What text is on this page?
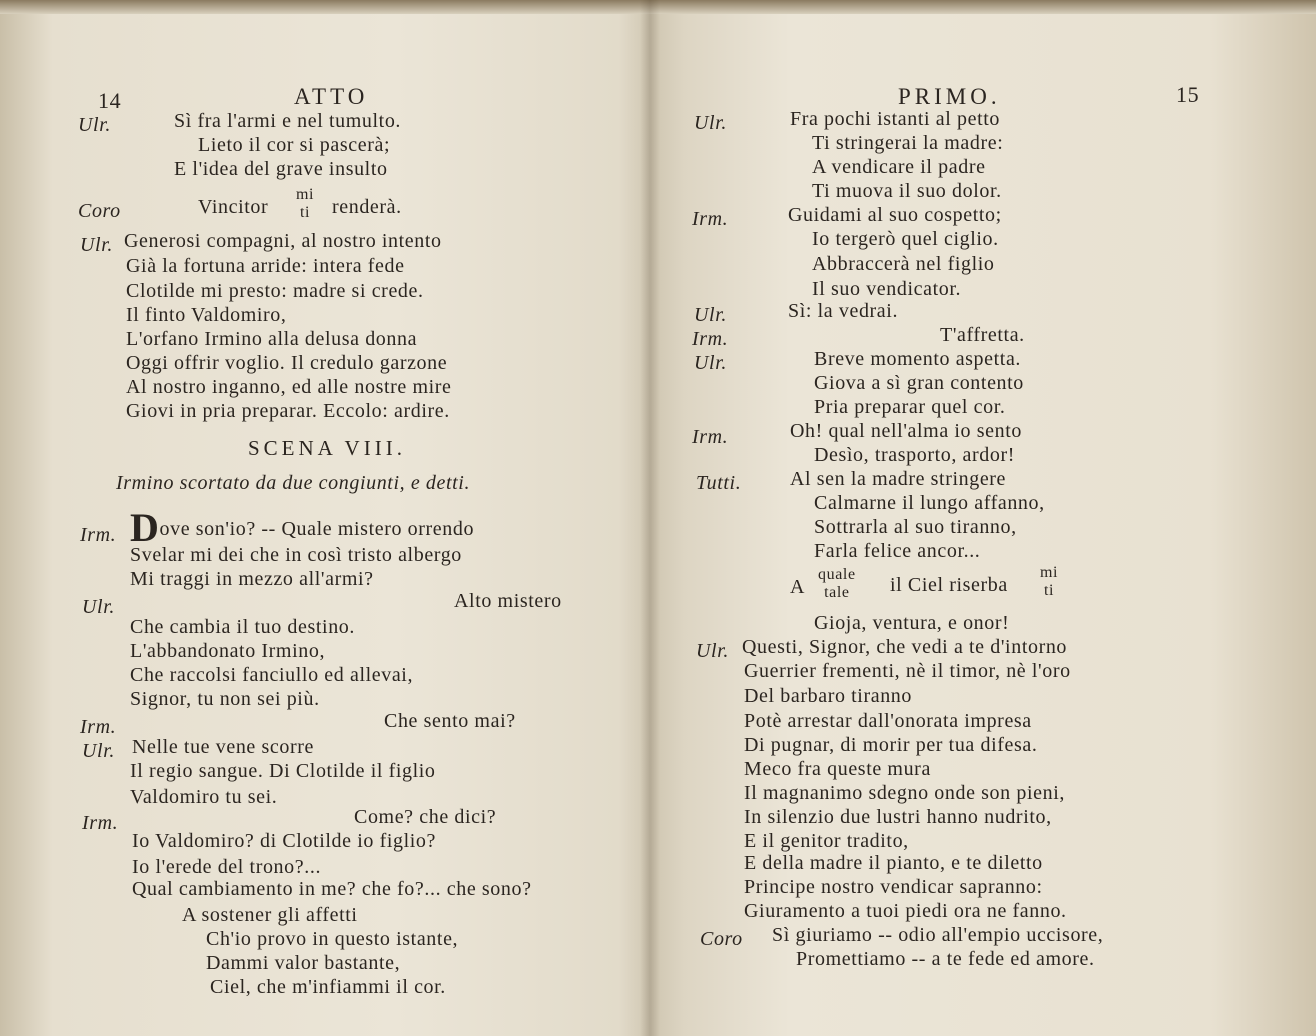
14	ATTO
Ulr.	Sì fra l'armi e nel tumulto.
Lieto il cor si pascerà;
E l'idea del grave insulto
Coro	Vincitor
mi
ti renderà.
Ulr. Generosi compagni, al nostro intento
Già la fortuna arride: intera fede
Clotilde mi presto: madre si crede.
Il finto Valdomiro,
L'orfano Irmino alla delusa donna
Oggi offrir voglio. Il credulo garzone
Al nostro inganno, ed alle nostre mire
Giovi in pria preparar. Eccolo: ardire.
SCENA VIII.
Irmino scortato da due congiunti, e detti.
Irm. Dove son'io? -- Quale mistero orrendo
Svelar mi dei che in così tristo albergo
Mi traggi in mezzo all'armi?
Ulr.	Alto mistero
Che cambia il tuo destino.
L'abbandonato Irmino,
Che raccolsi fanciullo ed allevai,
Signor, tu non sei più.
Irm.	Che sento mai?
Ulr. Nelle tue vene scorre
Il regio sangue. Di Clotilde il figlio
Valdomiro tu sei.
Irm.	Come? che dici?
Io Valdomiro? di Clotilde io figlio?
Io l'erede del trono?...
Qual cambiamento in me? che fo?... che sono?
A sostener gli affetti
Ch'io provo in questo istante,
Dammi valor bastante,
Ciel, che m'infiammi il cor.
PRIMO.	15
Ulr.	Fra pochi istanti al petto
Ti stringerai la madre:
A vendicare il padre
Ti muova il suo dolor.
Irm.	Guidami al suo cospetto;
Io tergerò quel ciglio.
Abbraccerà nel figlio
Il suo vendicator.
Ulr.	Sì: la vedrai.
Irm.	T'affretta.
Ulr.	Breve momento aspetta.
Giova a sì gran contento
Pria preparar quel cor.
Irm.	Oh! qual nell'alma io sento
Desìo, trasporto, ardor!
Tutti. Al sen la madre stringere
Calmarne il lungo affanno,
Sottrarla al suo tiranno,
Farla felice ancor...
A
quale
tale	il Ciel riserba
mi
ti
Gioja, ventura, e onor!
Ulr. Questi, Signor, che vedi a te d'intorno
Guerrier frementi, nè il timor, nè l'oro
Del barbaro tiranno
Potè arrestar dall'onorata impresa
Di pugnar, di morir per tua difesa.
Meco fra queste mura
Il magnanimo sdegno onde son pieni,
In silenzio due lustri hanno nudrito,
E il genitor tradito,
E della madre il pianto, e te diletto
Principe nostro vendicar sapranno:
Giuramento a tuoi piedi ora ne fanno.
Coro Sì giuriamo -- odio all'empio uccisore,
Promettiamo -- a te fede ed amore.
